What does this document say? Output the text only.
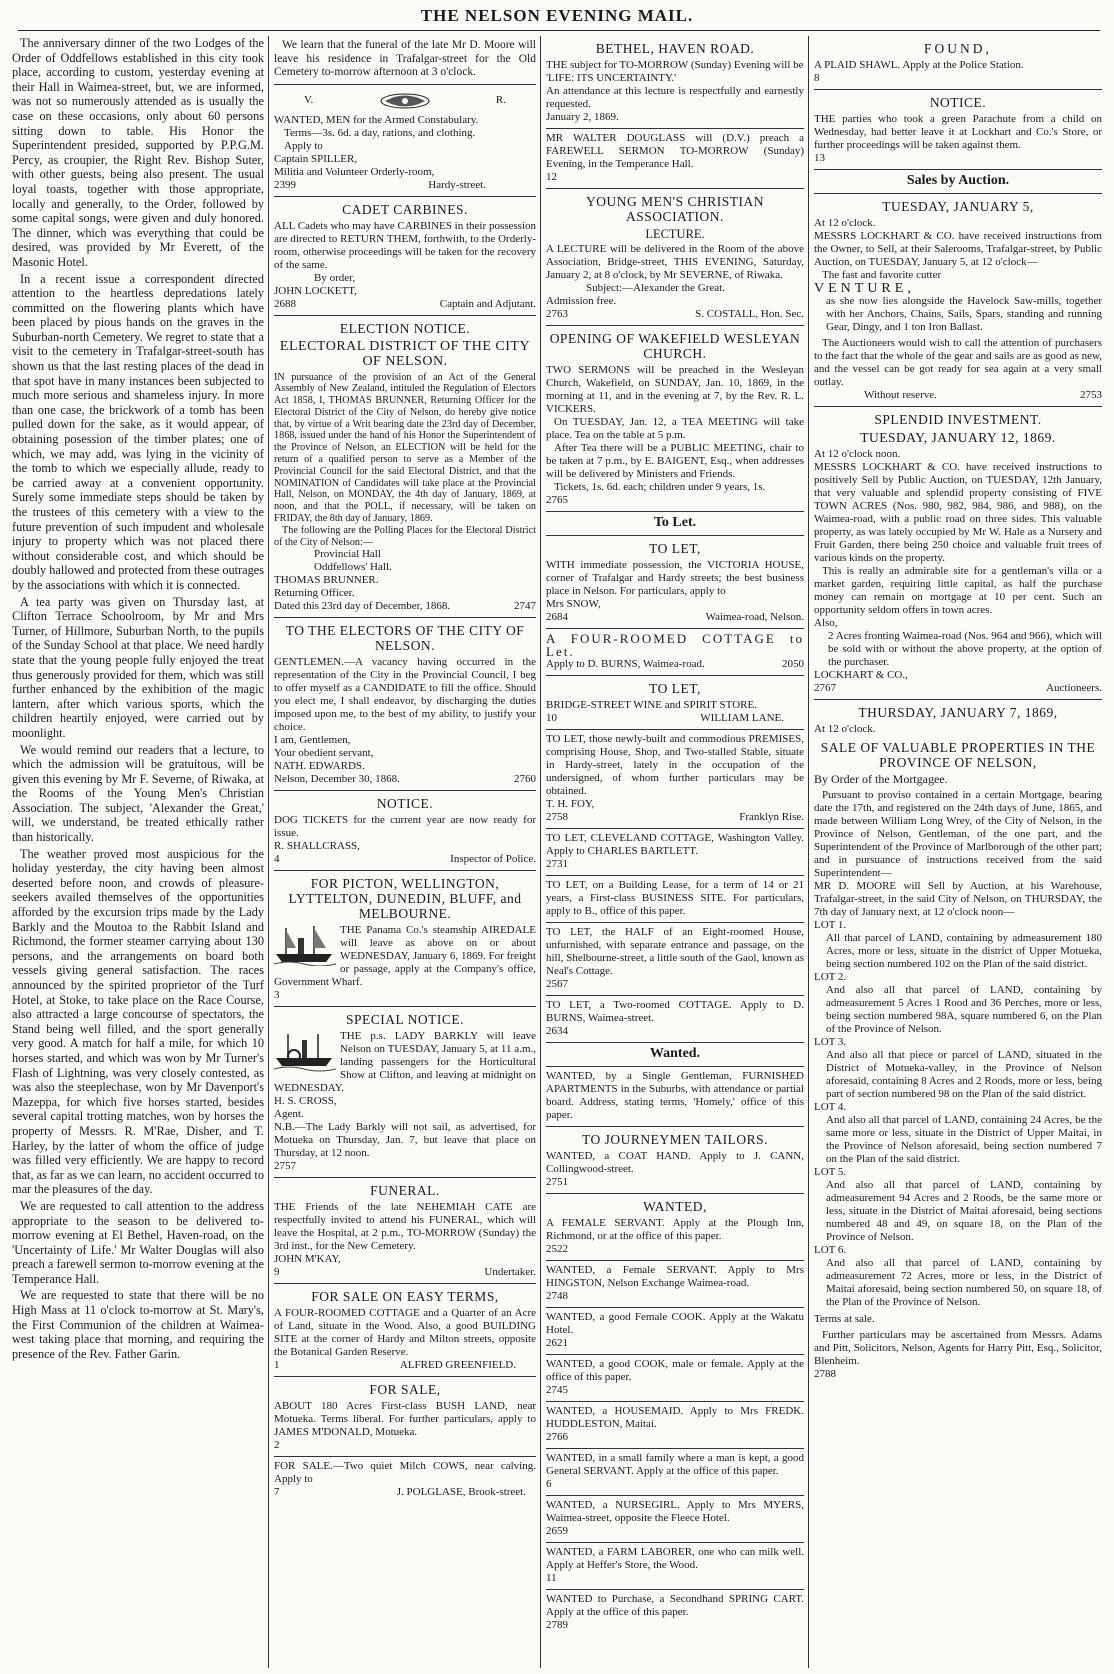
THE NELSON EVENING MAIL.

The anniversary dinner of the two Lodges of the Order of Oddfellows established in this city took place, according to custom, yesterday evening at their Hall in Waimea-street, but, we are informed, was not so numerously attended as is usually the case on these occasions, only about 60 persons sitting down to table. His Honor the Superintendent presided, supported by P.P.G.M. Percy, as croupier, the Right Rev. Bishop Suter, with other guests, being also present. The usual loyal toasts, together with those appropriate, locally and generally, to the Order, followed by some capital songs, were given and duly honored. The dinner, which was everything that could be desired, was provided by Mr Everett, of the Masonic Hotel.

In a recent issue a correspondent directed attention to the heartless depredations lately committed on the flowering plants which have been placed by pious hands on the graves in the Suburban-north Cemetery. We regret to state that a visit to the cemetery in Trafalgar-street-south has shown us that the last resting places of the dead in that spot have in many instances been subjected to much more serious and shameless injury. In more than one case, the brickwork of a tomb has been pulled down for the sake, as it would appear, of obtaining posession of the timber plates; one of which, we may add, was lying in the vicinity of the tomb to which we especially allude, ready to be carried away at a convenient opportunity. Surely some immediate steps should be taken by the trustees of this cemetery with a view to the future prevention of such impudent and wholesale injury to property which was not placed there without considerable cost, and which should be doubly hallowed and protected from these outrages by the associations with which it is connected.

A tea party was given on Thursday last, at Clifton Terrace Schoolroom, by Mr and Mrs Turner, of Hillmore, Suburban North, to the pupils of the Sunday School at that place. We need hardly state that the young people fully enjoyed the treat thus generously provided for them, which was still further enhanced by the exhibition of the magic lantern, after which various sports, which the children heartily enjoyed, were carried out by moonlight.

We would remind our readers that a lecture, to which the admission will be gratuitous, will be given this evening by Mr F. Severne, of Riwaka, at the Rooms of the Young Men's Christian Association. The subject, 'Alexander the Great,' will, we understand, be treated ethically rather than historically.

The weather proved most auspicious for the holiday yesterday, the city having been almost deserted before noon, and crowds of pleasure-seekers availed themselves of the opportunities afforded by the excursion trips made by the Lady Barkly and the Moutoa to the Rabbit Island and Richmond, the former steamer carrying about 130 persons, and the arrangements on board both vessels giving general satisfaction. The races announced by the spirited proprietor of the Turf Hotel, at Stoke, to take place on the Race Course, also attracted a large concourse of spectators, the Stand being well filled, and the sport generally very good. A match for half a mile, for which 10 horses started, and which was won by Mr Turner's Flash of Lightning, was very closely contested, as was also the steeplechase, won by Mr Davenport's Mazeppa, for which five horses started, besides several capital trotting matches, won by horses the property of Messrs. R. M'Rae, Disher, and T. Harley, by the latter of whom the office of judge was filled very efficiently. We are happy to record that, as far as we can learn, no accident occurred to mar the pleasures of the day.

We are requested to call attention to the address appropriate to the season to be delivered to-morrow evening at El Bethel, Haven-road, on the 'Uncertainty of Life.' Mr Walter Douglas will also preach a farewell sermon to-morrow evening at the Temperance Hall.

We are requested to state that there will be no High Mass at 11 o'clock to-morrow at St. Mary's, the First Communion of the children at Waimea-west taking place that morning, and requiring the presence of the Rev. Father Garin.

We learn that the funeral of the late Mr D. Moore will leave his residence in Trafalgar-street for the Old Cemetery to-morrow afternoon at 3 o'clock.

V.	R.

WANTED, MEN for the Armed Constabulary.

Terms—3s. 6d. a day, rations, and clothing.

Apply to

Captain SPILLER,

Militia and Volunteer Orderly-room,

2399	Hardy-street.
CADET CARBINES.

ALL Cadets who may have CARBINES in their possession are directed to RETURN THEM, forthwith, to the Orderly-room, otherwise proceedings will be taken for the recovery of the same.

By order,

JOHN LOCKETT,

2688	Captain and Adjutant.
ELECTION NOTICE.
ELECTORAL DISTRICT OF THE CITY OF NELSON.

IN pursuance of the provision of an Act of the General Assembly of New Zealand, intituled the Regulation of Electors Act 1858, I, THOMAS BRUNNER, Returning Officer for the Electoral District of the City of Nelson, do hereby give notice that, by virtue of a Writ bearing date the 23rd day of December, 1868, issued under the hand of his Honor the Superintendent of the Province of Nelson, an ELECTION will be held for the return of a qualified person to serve as a Member of the Provincial Council for the said Electoral District, and that the NOMINATION of Candidates will take place at the Provincial Hall, Nelson, on MONDAY, the 4th day of January, 1869, at noon, and that the POLL, if necessary, will be taken on FRIDAY, the 8th day of January, 1869.

The following are the Polling Places for the Electoral District of the City of Nelson:—

Provincial Hall

Oddfellows' Hall.

THOMAS BRUNNER.

Returning Officer.

Dated this 23rd day of December, 1868.	2747
TO THE ELECTORS OF THE CITY OF NELSON.

GENTLEMEN.—A vacancy having occurred in the representation of the City in the Provincial Council, I beg to offer myself as a CANDIDATE to fill the office. Should you elect me, I shall endeavor, by discharging the duties imposed upon me, to the best of my ability, to justify your choice.

I am, Gentlemen,

Your obedient servant,

NATH. EDWARDS.

Nelson, December 30, 1868.	2760
NOTICE.

DOG TICKETS for the current year are now ready for issue.

R. SHALLCRASS,

4	Inspector of Police.
FOR PICTON, WELLINGTON, LYTTELTON, DUNEDIN, BLUFF, and MELBOURNE.

THE Panama Co.'s steamship AIREDALE will leave as above on or about WEDNESDAY, January 6, 1869. For freight or passage, apply at the Company's office, Government Wharf.

3

SPECIAL NOTICE.

THE p.s. LADY BARKLY will leave Nelson on TUESDAY, January 5, at 11 a.m., landing passengers for the Horticultural Show at Clifton, and leaving at midnight on WEDNESDAY.

H. S. CROSS,

Agent.

N.B.—The Lady Barkly will not sail, as advertised, for Motueka on Thursday, Jan. 7, but leave that place on Thursday, at 12 noon.

2757

FUNERAL.

THE Friends of the late NEHEMIAH CATE are respectfully invited to attend his FUNERAL, which will leave the Hospital, at 2 p.m., TO-MORROW (Sunday) the 3rd inst., for the New Cemetery.

JOHN M'KAY,

9	Undertaker.
FOR SALE ON EASY TERMS,

A FOUR-ROOMED COTTAGE and a Quarter of an Acre of Land, situate in the Wood. Also, a good BUILDING SITE at the corner of Hardy and Milton streets, opposite the Botanical Garden Reserve.

1	ALFRED GREENFIELD.
FOR SALE,

ABOUT 180 Acres First-class BUSH LAND, near Motueka. Terms liberal. For further particulars, apply to JAMES M'DONALD, Motueka.

2

FOR SALE.—Two quiet Milch COWS, near calving. Apply to

7	J. POLGLASE, Brook-street.
BETHEL, HAVEN ROAD.

THE subject for TO-MORROW (Sunday) Evening will be

'LIFE: ITS UNCERTAINTY.'

An attendance at this lecture is respectfully and earnestly requested.

January 2, 1869.

MR WALTER DOUGLASS will (D.V.) preach a FAREWELL SERMON TO-MORROW (Sunday) Evening, in the Temperance Hall.

12

YOUNG MEN'S CHRISTIAN ASSOCIATION.
LECTURE.

A LECTURE will be delivered in the Room of the above Association, Bridge-street, THIS EVENING, Saturday, January 2, at 8 o'clock, by Mr SEVERNE, of Riwaka.

Subject:—Alexander the Great.

Admission free.

2763	S. COSTALL, Hon. Sec.
OPENING OF WAKEFIELD WESLEYAN CHURCH.

TWO SERMONS will be preached in the Wesleyan Church, Wakefield, on SUNDAY, Jan. 10, 1869, in the morning at 11, and in the evening at 7, by the Rev. R. L. VICKERS.

On TUESDAY, Jan. 12, a TEA MEETING will take place. Tea on the table at 5 p.m.

After Tea there will be a PUBLIC MEETING, chair to be taken at 7 p.m., by E. BAIGENT, Esq., when addresses will be delivered by Ministers and Friends.

Tickets, 1s. 6d. each; children under 9 years, 1s.

2765

To Let.
TO LET,

WITH immediate possession, the VICTORIA HOUSE, corner of Trafalgar and Hardy streets; the best business place in Nelson. For particulars, apply to

Mrs SNOW,

2684	Waimea-road, Nelson.

A FOUR-ROOMED COTTAGE to Let.

Apply to D. BURNS, Waimea-road.	2050
TO LET,

BRIDGE-STREET WINE and SPIRIT STORE.

10	WILLIAM LANE.

TO LET, those newly-built and commodious PREMISES, comprising House, Shop, and Two-stalled Stable, situate in Hardy-street, lately in the occupation of the undersigned, of whom further particulars may be obtained.

T. H. FOY,

2758	Franklyn Rise.

TO LET, CLEVELAND COTTAGE, Washington Valley. Apply to CHARLES BARTLETT.

2731

TO LET, on a Building Lease, for a term of 14 or 21 years, a First-class BUSINESS SITE. For particulars, apply to B., office of this paper.

TO LET, the HALF of an Eight-roomed House, unfurnished, with separate entrance and passage, on the hill, Shelbourne-street, a little south of the Gaol, known as Neal's Cottage.

2567

TO LET, a Two-roomed COTTAGE. Apply to D. BURNS, Waimea-street.

2634

Wanted.

WANTED, by a Single Gentleman, FURNISHED APARTMENTS in the Suburbs, with attendance or partial board. Address, stating terms, 'Homely,' office of this paper.

TO JOURNEYMEN TAILORS.

WANTED, a COAT HAND. Apply to J. CANN, Collingwood-street.

2751

WANTED,

A FEMALE SERVANT. Apply at the Plough Inn, Richmond, or at the office of this paper.

2522

WANTED, a Female SERVANT. Apply to Mrs HINGSTON, Nelson Exchange Waimea-road.

2748

WANTED, a good Female COOK. Apply at the Wakatu Hotel.

2621

WANTED, a good COOK, male or female. Apply at the office of this paper.

2745

WANTED, a HOUSEMAID. Apply to Mrs FREDK. HUDDLESTON, Maitai.

2766

WANTED, in a small family where a man is kept, a good General SERVANT. Apply at the office of this paper.

6

WANTED, a NURSEGIRL. Apply to Mrs MYERS, Waimea-street, opposite the Fleece Hotel.

2659

WANTED, a FARM LABORER, one who can milk well. Apply at Heffer's Store, the Wood.

11

WANTED to Purchase, a Secondhand SPRING CART. Apply at the office of this paper.

2789

FOUND,

A PLAID SHAWL. Apply at the Police Station.

8

NOTICE.

THE parties who took a green Parachute from a child on Wednesday, had better leave it at Lockhart and Co.'s Store, or further proceedings will be taken against them.

13

Sales by Auction.
TUESDAY, JANUARY 5,

At 12 o'clock.

MESSRS LOCKHART & CO. have received instructions from the Owner, to Sell, at their Salerooms, Trafalgar-street, by Public Auction, on TUESDAY, January 5, at 12 o'clock—

The fast and favorite cutter

VENTURE,

as she now lies alongside the Havelock Saw-mills, together with her Anchors, Chains, Sails, Spars, standing and running Gear, Dingy, and 1 ton Iron Ballast.

The Auctioneers would wish to call the attention of purchasers to the fact that the whole of the gear and sails are as good as new, and the vessel can be got ready for sea again at a very small outlay.

Without reserve.	2753
SPLENDID INVESTMENT.
TUESDAY, JANUARY 12, 1869.

At 12 o'clock noon.

MESSRS LOCKHART & CO. have received instructions to positively Sell by Public Auction, on TUESDAY, 12th January, that very valuable and splendid property consisting of FIVE TOWN ACRES (Nos. 980, 982, 984, 986, and 988), on the Waimea-road, with a public road on three sides. This valuable property, as was lately occupied by Mr W. Hale as a Nursery and Fruit Garden, there being 250 choice and valuable fruit trees of various kinds on the property.

This is really an admirable site for a gentleman's villa or a market garden, requiring little capital, as half the purchase money can remain on mortgage at 10 per cent. Such an opportunity seldom offers in town acres.

Also,

2 Acres fronting Waimea-road (Nos. 964 and 966), which will be sold with or without the above property, at the option of the purchaser.

LOCKHART & CO.,

2767	Auctioneers.
THURSDAY, JANUARY 7, 1869,

At 12 o'clock.

SALE OF VALUABLE PROPERTIES IN THE PROVINCE OF NELSON,

By Order of the Mortgagee.

Pursuant to proviso contained in a certain Mortgage, bearing date the 17th, and registered on the 24th days of June, 1865, and made between William Long Wrey, of the City of Nelson, in the Province of Nelson, Gentleman, of the one part, and the Superintendent of the Province of Marlborough of the other part; and in pursuance of instructions received from the said Superintendent—

MR D. MOORE will Sell by Auction, at his Warehouse, Trafalgar-street, in the said City of Nelson, on THURSDAY, the 7th day of January next, at 12 o'clock noon—

LOT 1.

All that parcel of LAND, containing by admeasurement 180 Acres, more or less, situate in the district of Upper Motueka, being section numbered 102 on the Plan of the said district.

LOT 2.

And also all that parcel of LAND, containing by admeasurement 5 Acres 1 Rood and 36 Perches, more or less, being section numbered 98A, square numbered 6, on the Plan of the Province of Nelson.

LOT 3.

And also all that piece or parcel of LAND, situated in the District of Motueka-valley, in the Province of Nelson aforesaid, containing 8 Acres and 2 Roods, more or less, being part of section numbered 98 on the Plan of the said district.

LOT 4.

And also all that parcel of LAND, containing 24 Acres, be the same more or less, situate in the District of Upper Maitai, in the Province of Nelson aforesaid, being section numbered 7 on the Plan of the said district.

LOT 5.

And also all that parcel of LAND, containing by admeasurement 94 Acres and 2 Roods, be the same more or less, situate in the District of Maitai aforesaid, being sections numbered 48 and 49, on square 18, on the Plan of the Province of Nelson.

LOT 6.

And also all that parcel of LAND, containing by admeasurement 72 Acres, more or less, in the District of Maitai aforesaid, being section numbered 50, on square 18, of the Plan of the Province of Nelson.

Terms at sale.

Further particulars may be ascertained from Messrs. Adams and Pitt, Solicitors, Nelson, Agents for Harry Pitt, Esq., Solicitor, Blenheim.

2788
